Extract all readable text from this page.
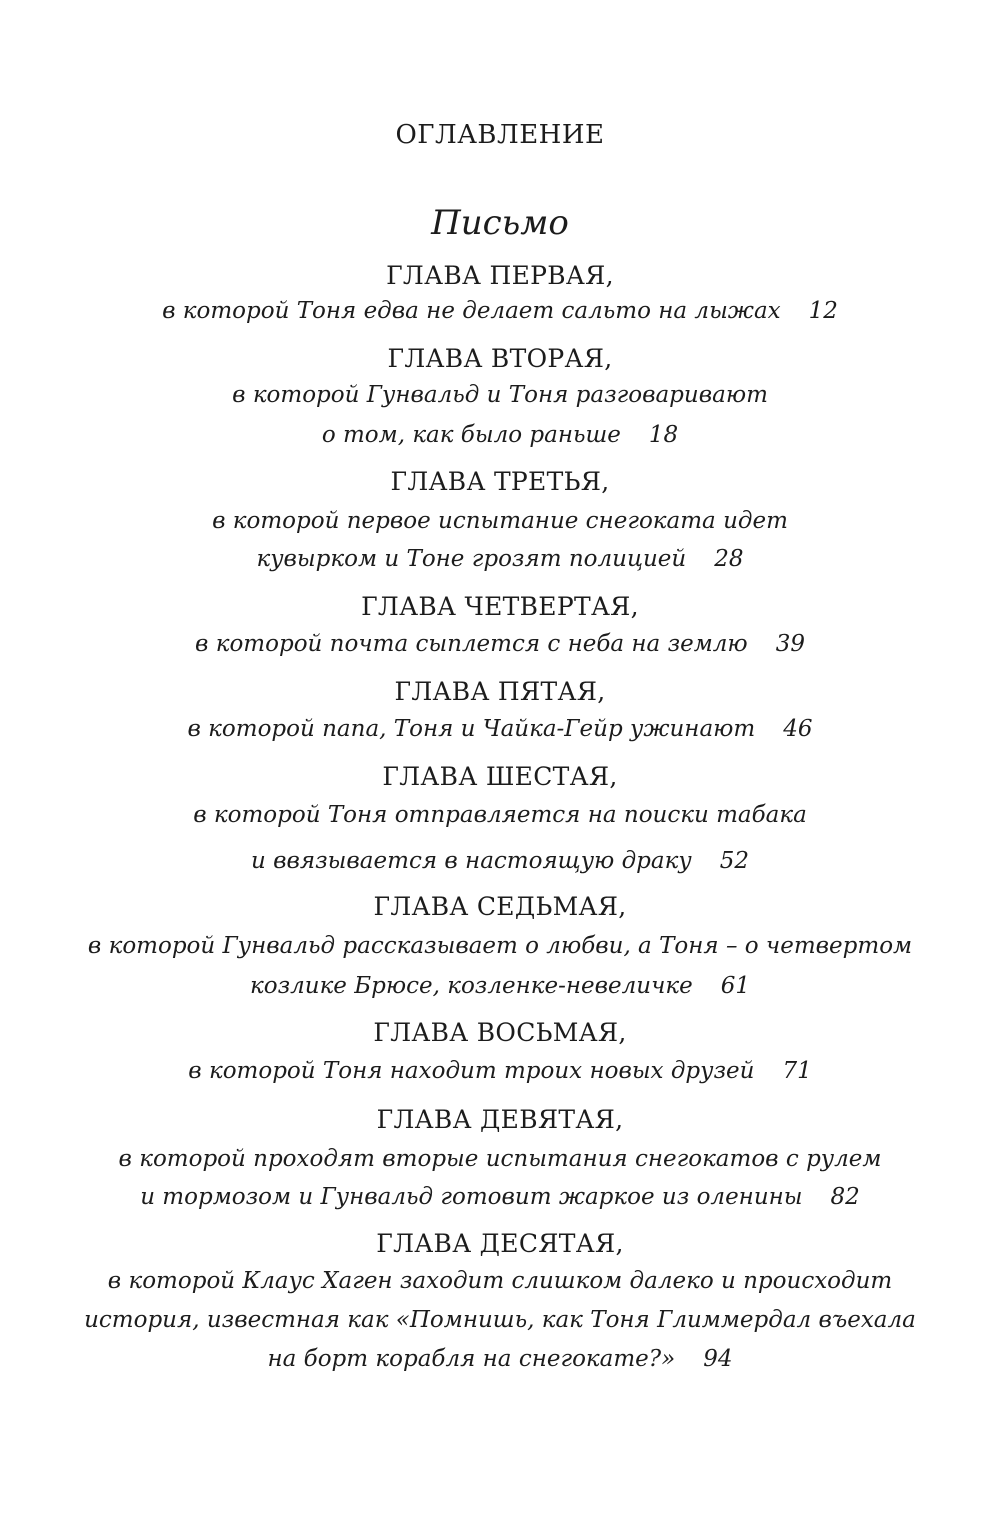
ОГЛАВЛЕНИЕ
Письмо
ГЛАВА ПЕРВАЯ,
в которой Тоня едва не делает сальто на лыжах 12
ГЛАВА ВТОРАЯ,
в которой Гунвальд и Тоня разговаривают
о том, как было раньше 18
ГЛАВА ТРЕТЬЯ,
в которой первое испытание снегоката идет
кувырком и Тоне грозят полицией 28
ГЛАВА ЧЕТВЕРТАЯ,
в которой почта сыплется с неба на землю 39
ГЛАВА ПЯТАЯ,
в которой папа, Тоня и Чайка-Гейр ужинают 46
ГЛАВА ШЕСТАЯ,
в которой Тоня отправляется на поиски табака
и ввязывается в настоящую драку 52
ГЛАВА СЕДЬМАЯ,
в которой Гунвальд рассказывает о любви, а Тоня – о четвертом
козлике Брюсе, козленке-невеличке 61
ГЛАВА ВОСЬМАЯ,
в которой Тоня находит троих новых друзей 71
ГЛАВА ДЕВЯТАЯ,
в которой проходят вторые испытания снегокатов с рулем
и тормозом и Гунвальд готовит жаркое из оленины 82
ГЛАВА ДЕСЯТАЯ,
в которой Клаус Хаген заходит слишком далеко и происходит
история, известная как «Помнишь, как Тоня Глиммердал въехала
на борт корабля на снегокате?» 94
